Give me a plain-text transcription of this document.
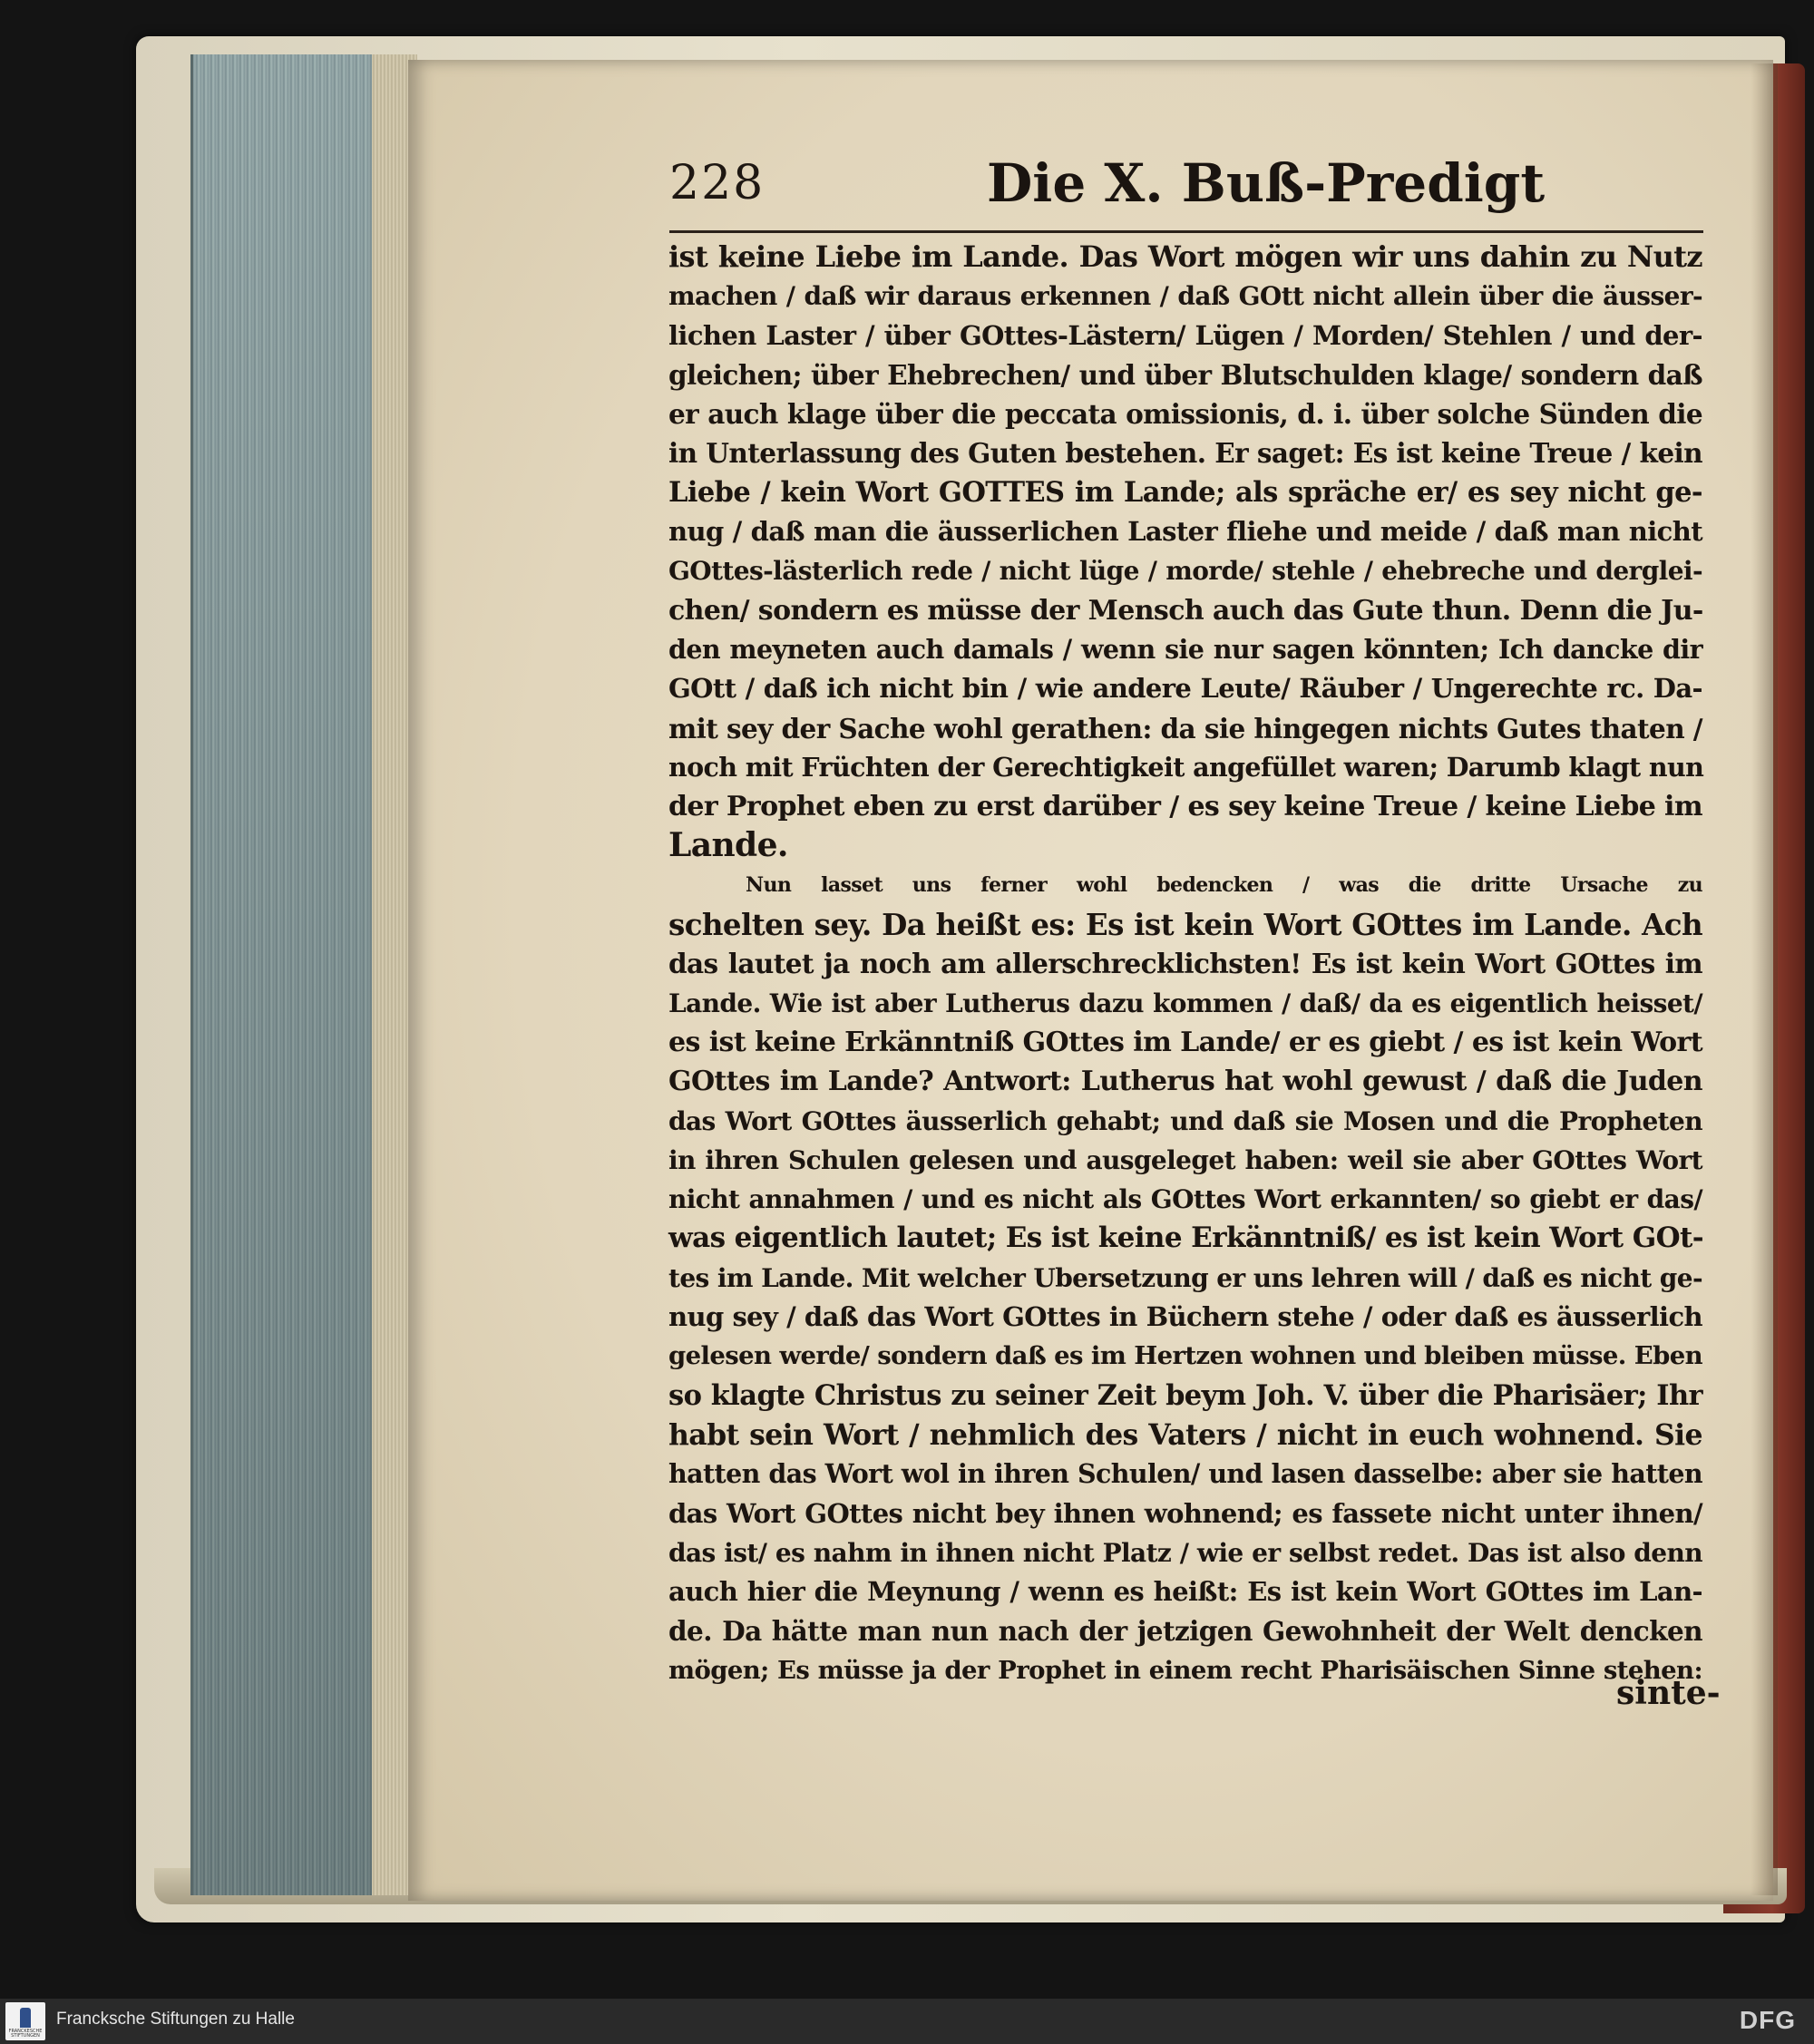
228	Die X. Buß-Predigt
ist keine Liebe im Lande. Das Wort mögen wir uns dahin zu Nutz
machen / daß wir daraus erkennen / daß GOtt nicht allein über die äusser-
lichen Laster / über GOttes-Lästern/ Lügen / Morden/ Stehlen / und der-
gleichen; über Ehebrechen/ und über Blutschulden klage/ sondern daß
er auch klage über die peccata omissionis, d. i. über solche Sünden die
in Unterlassung des Guten bestehen. Er saget: Es ist keine Treue / kein
Liebe / kein Wort GOTTES im Lande; als spräche er/ es sey nicht ge-
nug / daß man die äusserlichen Laster fliehe und meide / daß man nicht
GOttes-lästerlich rede / nicht lüge / morde/ stehle / ehebreche und derglei-
chen/ sondern es müsse der Mensch auch das Gute thun. Denn die Ju-
den meyneten auch damals / wenn sie nur sagen könnten; Ich dancke dir
GOtt / daß ich nicht bin / wie andere Leute/ Räuber / Ungerechte rc. Da-
mit sey der Sache wohl gerathen: da sie hingegen nichts Gutes thaten /
noch mit Früchten der Gerechtigkeit angefüllet waren; Darumb klagt nun
der Prophet eben zu erst darüber / es sey keine Treue / keine Liebe im
Lande.
Nun lasset uns ferner wohl bedencken / was die dritte Ursache zu
schelten sey. Da heißt es: Es ist kein Wort GOttes im Lande. Ach
das lautet ja noch am allerschrecklichsten! Es ist kein Wort GOttes im
Lande. Wie ist aber Lutherus dazu kommen / daß/ da es eigentlich heisset/
es ist keine Erkänntniß GOttes im Lande/ er es giebt / es ist kein Wort
GOttes im Lande? Antwort: Lutherus hat wohl gewust / daß die Juden
das Wort GOttes äusserlich gehabt; und daß sie Mosen und die Propheten
in ihren Schulen gelesen und ausgeleget haben: weil sie aber GOttes Wort
nicht annahmen / und es nicht als GOttes Wort erkannten/ so giebt er das/
was eigentlich lautet; Es ist keine Erkänntniß/ es ist kein Wort GOt-
tes im Lande. Mit welcher Ubersetzung er uns lehren will / daß es nicht ge-
nug sey / daß das Wort GOttes in Büchern stehe / oder daß es äusserlich
gelesen werde/ sondern daß es im Hertzen wohnen und bleiben müsse. Eben
so klagte Christus zu seiner Zeit beym Joh. V. über die Pharisäer; Ihr
habt sein Wort / nehmlich des Vaters / nicht in euch wohnend. Sie
hatten das Wort wol in ihren Schulen/ und lasen dasselbe: aber sie hatten
das Wort GOttes nicht bey ihnen wohnend; es fassete nicht unter ihnen/
das ist/ es nahm in ihnen nicht Platz / wie er selbst redet. Das ist also denn
auch hier die Meynung / wenn es heißt: Es ist kein Wort GOttes im Lan-
de. Da hätte man nun nach der jetzigen Gewohnheit der Welt dencken
mögen; Es müsse ja der Prophet in einem recht Pharisäischen Sinne stehen:
sinte-
FRANCKESCHE STIFTUNGEN
Francksche Stiftungen zu Halle	DFG
